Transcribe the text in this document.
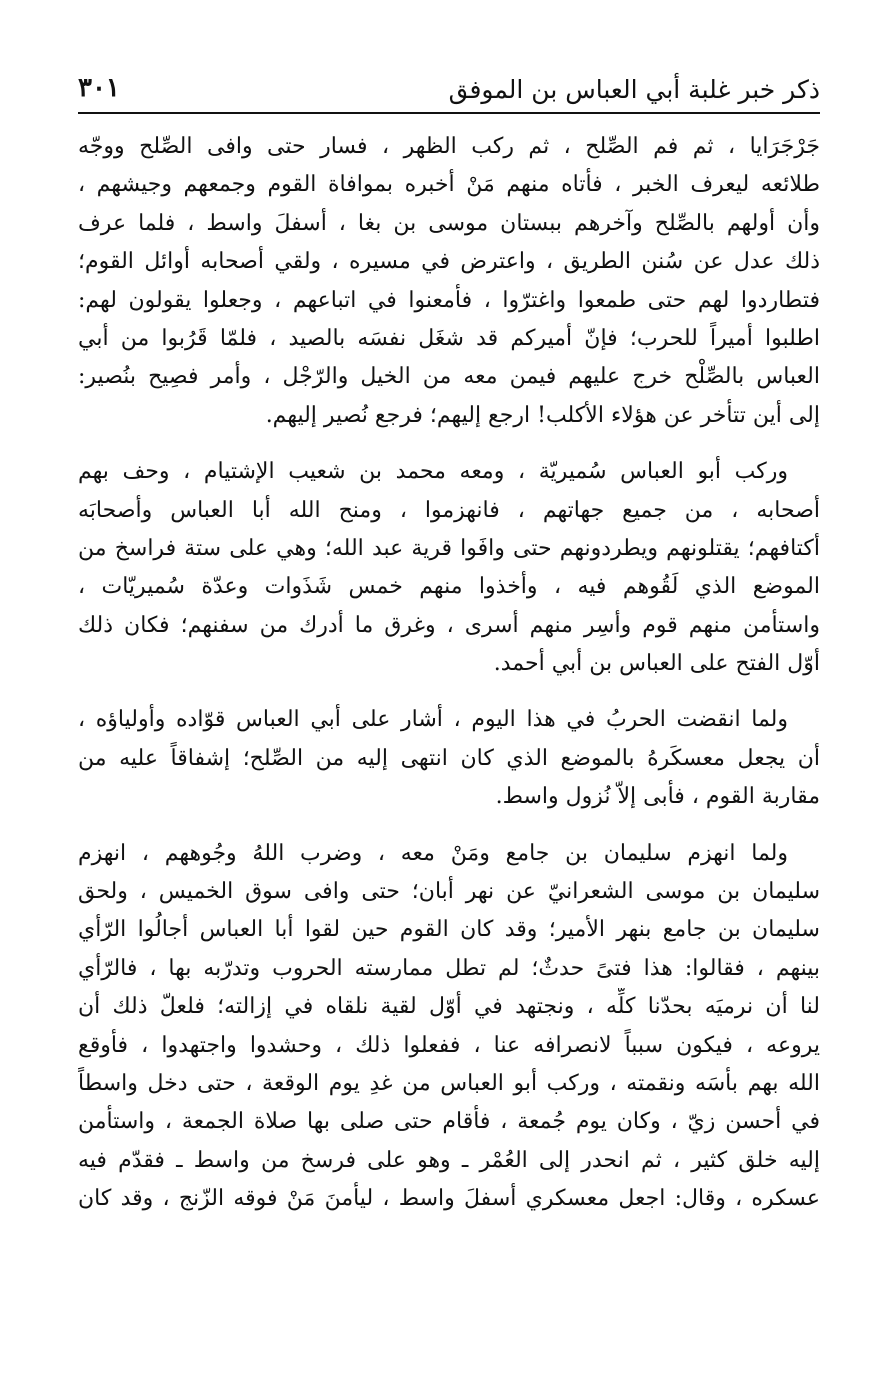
ذكر خبر غلبة أبي العباس بن الموفق
٣٠١
جَرْجَرَايا ، ثم فم الصِّلح ، ثم ركب الظهر ، فسار حتى وافى الصِّلح ووجّه
طلائعه ليعرف الخبر ، فأتاه منهم مَنْ أخبره بموافاة القوم وجمعهم وجيشهم ،
وأن أولهم بالصِّلح وآخرهم ببستان موسى بن بغا ، أسفلَ واسط ، فلما عرف
ذلك عدل عن سُنن الطريق ، واعترض في مسيره ، ولقي أصحابه أوائل القوم؛
فتطاردوا لهم حتى طمعوا واغترّوا ، فأمعنوا في اتباعهم ، وجعلوا يقولون لهم:
اطلبوا أميراً للحرب؛ فإنّ أميركم قد شغَل نفسَه بالصيد ، فلمّا قَرُبوا من أبي
العباس بالصِّلْح خرج عليهم فيمن معه من الخيل والرّجْل ، وأمر فصِيح بنُصير:
إلى أين تتأخر عن هؤلاء الأكلب! ارجع إليهم؛ فرجع نُصير إليهم.
وركب أبو العباس سُميريّة ، ومعه محمد بن شعيب الإشتيام ، وحف بهم
أصحابه ، من جميع جهاتهم ، فانهزموا ، ومنح الله أبا العباس وأصحابَه
أكتافهم؛ يقتلونهم ويطردونهم حتى وافَوا قرية عبد الله؛ وهي على ستة فراسخ من
الموضع الذي لَقُوهم فيه ، وأخذوا منهم خمس شَذَوات وعدّة سُميريّات ،
واستأمن منهم قوم وأسِر منهم أسرى ، وغرق ما أدرك من سفنهم؛ فكان ذلك
أوّل الفتح على العباس بن أبي أحمد.
ولما انقضت الحربُ في هذا اليوم ، أشار على أبي العباس قوّاده وأولياؤه ،
أن يجعل معسكَرهُ بالموضع الذي كان انتهى إليه من الصِّلح؛ إشفاقاً عليه من
مقاربة القوم ، فأبى إلاّ نُزول واسط.
ولما انهزم سليمان بن جامع ومَنْ معه ، وضرب اللهُ وجُوههم ، انهزم
سليمان بن موسى الشعرانيّ عن نهر أبان؛ حتى وافى سوق الخميس ، ولحق
سليمان بن جامع بنهر الأمير؛ وقد كان القوم حين لقوا أبا العباس أجالُوا الرّأي
بينهم ، فقالوا: هذا فتىً حدثٌ؛ لم تطل ممارسته الحروب وتدرّبه بها ، فالرّأي
لنا أن نرميَه بحدّنا كلِّه ، ونجتهد في أوّل لقية نلقاه في إزالته؛ فلعلّ ذلك أن
يروعه ، فيكون سبباً لانصرافه عنا ، ففعلوا ذلك ، وحشدوا واجتهدوا ، فأوقع
الله بهم بأسَه ونقمته ، وركب أبو العباس من غدِ يوم الوقعة ، حتى دخل واسطاً
في أحسن زيّ ، وكان يوم جُمعة ، فأقام حتى صلى بها صلاة الجمعة ، واستأمن
إليه خلق كثير ، ثم انحدر إلى العُمْر ـ وهو على فرسخ من واسط ـ فقدّم فيه
عسكره ، وقال: اجعل معسكري أسفلَ واسط ، ليأمنَ مَنْ فوقه الزّنج ، وقد كان
